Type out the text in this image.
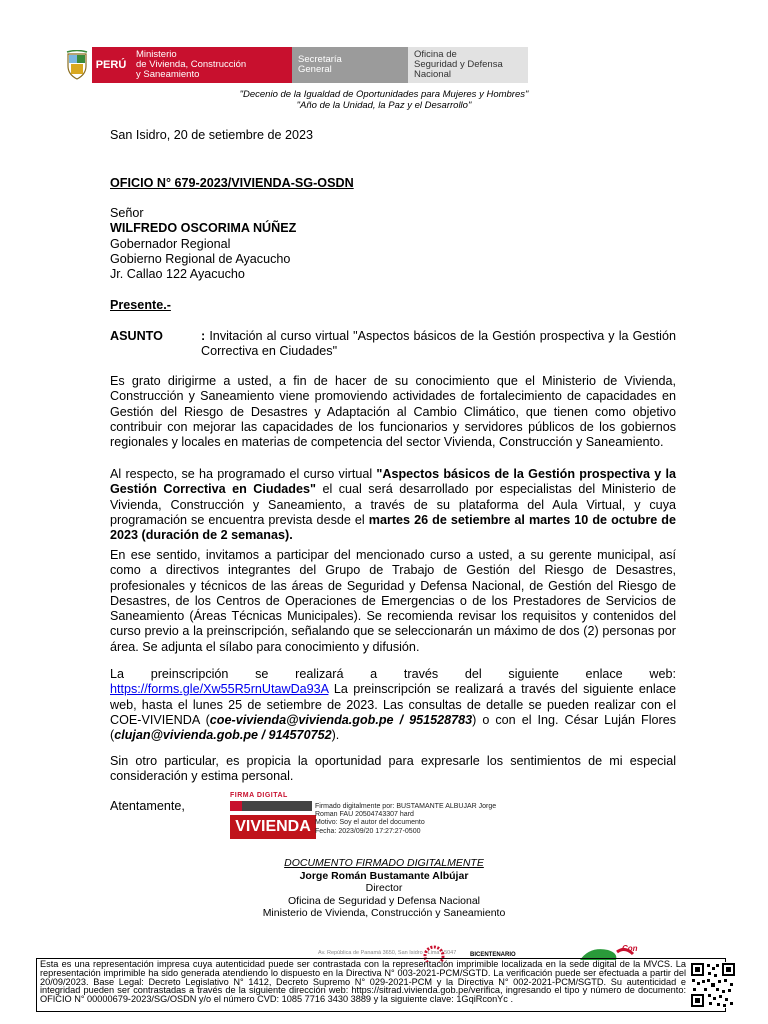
PERÚ
Ministerio
de Vivienda, Construcción
y Saneamiento
Secretaría
General
Oficina de
Seguridad y Defensa
Nacional
"Decenio de la Igualdad de Oportunidades para Mujeres y Hombres"
"Año de la Unidad, la Paz y el Desarrollo"
San Isidro, 20 de setiembre de 2023
OFICIO N° 679-2023/VIVIENDA-SG-OSDN
Señor
WILFREDO OSCORIMA NÚÑEZ
Gobernador Regional
Gobierno Regional de Ayacucho
Jr. Callao 122 Ayacucho
Presente.-
ASUNTO	: Invitación al curso virtual "Aspectos básicos de la Gestión prospectiva y la Gestión Correctiva en Ciudades"
Es grato dirigirme a usted, a fin de hacer de su conocimiento que el Ministerio de Vivienda, Construcción y Saneamiento viene promoviendo actividades de fortalecimiento de capacidades en Gestión del Riesgo de Desastres y Adaptación al Cambio Climático, que tienen como objetivo contribuir con mejorar las capacidades de los funcionarios y servidores públicos de los gobiernos regionales y locales en materias de competencia del sector Vivienda, Construcción y Saneamiento.
Al respecto, se ha programado el curso virtual "Aspectos básicos de la Gestión prospectiva y la Gestión Correctiva en Ciudades" el cual será desarrollado por especialistas del Ministerio de Vivienda, Construcción y Saneamiento, a través de su plataforma del Aula Virtual, y cuya programación se encuentra prevista desde el martes 26 de setiembre al martes 10 de octubre de 2023 (duración de 2 semanas).
En ese sentido, invitamos a participar del mencionado curso a usted, a su gerente municipal, así como a directivos integrantes del Grupo de Trabajo de Gestión del Riesgo de Desastres, profesionales y técnicos de las áreas de Seguridad y Defensa Nacional, de Gestión del Riesgo de Desastres, de los Centros de Operaciones de Emergencias o de los Prestadores de Servicios de Saneamiento (Áreas Técnicas Municipales). Se recomienda revisar los requisitos y contenidos del curso previo a la preinscripción, señalando que se seleccionarán un máximo de dos (2) personas por área. Se adjunta el sílabo para conocimiento y difusión.
La preinscripción se realizará a través del siguiente enlace web:
https://forms.gle/Xw55R5rnUtawDa93A La preinscripción se realizará a través del siguiente enlace web, hasta el lunes 25 de setiembre de 2023. Las consultas de detalle se pueden realizar con el COE-VIVIENDA (coe-vivienda@vivienda.gob.pe / 951528783) o con el Ing. César Luján Flores (clujan@vivienda.gob.pe / 914570752).
Sin otro particular, es propicia la oportunidad para expresarle los sentimientos de mi especial consideración y estima personal.
Atentamente,
FIRMA DIGITAL
VIVIENDA
Firmado digitalmente por: BUSTAMANTE ALBUJAR Jorge
Roman FAU 20504743307 hard
Motivo: Soy el autor del documento
Fecha: 2023/09/20 17:27:27-0500
DOCUMENTO FIRMADO DIGITALMENTE
Jorge Román Bustamante Albújar
Director
Oficina de Seguridad y Defensa Nacional
Ministerio de Vivienda, Construcción y Saneamiento
Av. República de Panamá 3650, San Isidro - Lima 15047 BICENTENARIO
Con
Esta es una representación impresa cuya autenticidad puede ser contrastada con la representación imprimible localizada en la sede digital de la MVCS. La representación imprimible ha sido generada atendiendo lo dispuesto en la Directiva N° 003-2021-PCM/SGTD. La verificación puede ser efectuada a partir del 20/09/2023. Base Legal: Decreto Legislativo N° 1412, Decreto Supremo N° 029-2021-PCM y la Directiva N° 002-2021-PCM/SGTD. Su autenticidad e integridad pueden ser contrastadas a través de la siguiente dirección web: https://sitrad.vivienda.gob.pe/verifica, ingresando el tipo y número de documento: OFICIO N° 00000679-2023/SG/OSDN y/o el número CVD: 1085 7716 3430 3889 y la siguiente clave: 1GqiRconYc .
